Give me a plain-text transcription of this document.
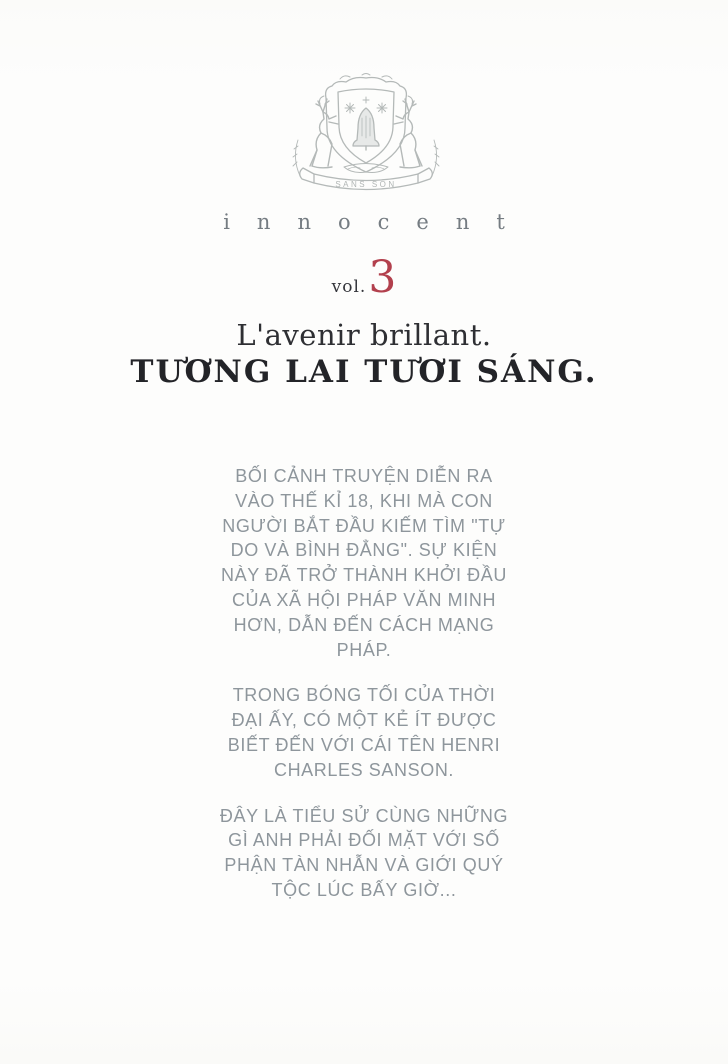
SANS SON
innocent
vol. 3
L'avenir brillant.
TƯƠNG LAI TƯƠI SÁNG.
BỐI CẢNH TRUYỆN DIỄN RA
VÀO THẾ KỈ 18, KHI MÀ CON
NGƯỜI BẮT ĐẦU KIẾM TÌM "TỰ
DO VÀ BÌNH ĐẲNG". SỰ KIỆN
NÀY ĐÃ TRỞ THÀNH KHỞI ĐẦU
CỦA XÃ HỘI PHÁP VĂN MINH
HƠN, DẪN ĐẾN CÁCH MẠNG
PHÁP.
TRONG BÓNG TỐI CỦA THỜI
ĐẠI ẤY, CÓ MỘT KẺ ÍT ĐƯỢC
BIẾT ĐẾN VỚI CÁI TÊN HENRI
CHARLES SANSON.
ĐÂY LÀ TIỂU SỬ CÙNG NHỮNG
GÌ ANH PHẢI ĐỐI MẶT VỚI SỐ
PHẬN TÀN NHẪN VÀ GIỚI QUÝ
TỘC LÚC BẤY GIỜ...
